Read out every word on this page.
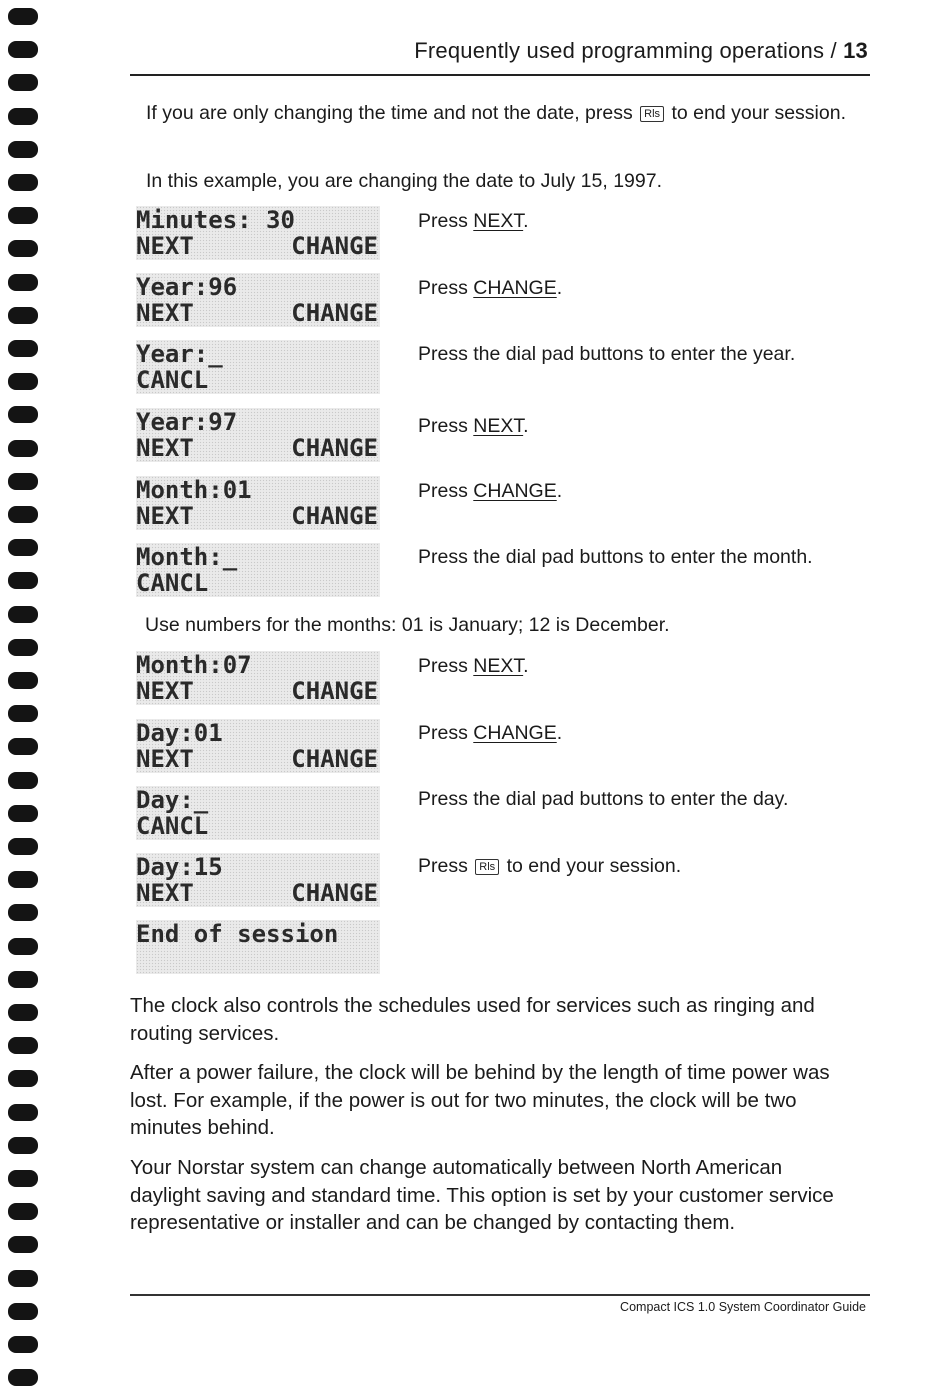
Frequently used programming operations / 13
If you are only changing the time and not the date, press Rls to end your session.
In this example, you are changing the date to July 15, 1997.
Minutes: 30
NEXT	CHANGE
Press NEXT.
Year:96
NEXT	CHANGE
Press CHANGE.
Year:_
CANCL
Press the dial pad buttons to enter the year.
Year:97
NEXT	CHANGE
Press NEXT.
Month:01
NEXT	CHANGE
Press CHANGE.
Month:_
CANCL
Press the dial pad buttons to enter the month.
Use numbers for the months: 01 is January; 12 is December.
Month:07
NEXT	CHANGE
Press NEXT.
Day:01
NEXT	CHANGE
Press CHANGE.
Day:_
CANCL
Press the dial pad buttons to enter the day.
Day:15
NEXT	CHANGE
Press Rls to end your session.
End of session
The clock also controls the schedules used for services such as ringing and routing services.
After a power failure, the clock will be behind by the length of time power was lost. For example, if the power is out for two minutes, the clock will be two minutes behind.
Your Norstar system can change automatically between North American daylight saving and standard time. This option is set by your customer service representative or installer and can be changed by contacting them.
Compact ICS 1.0 System Coordinator Guide
